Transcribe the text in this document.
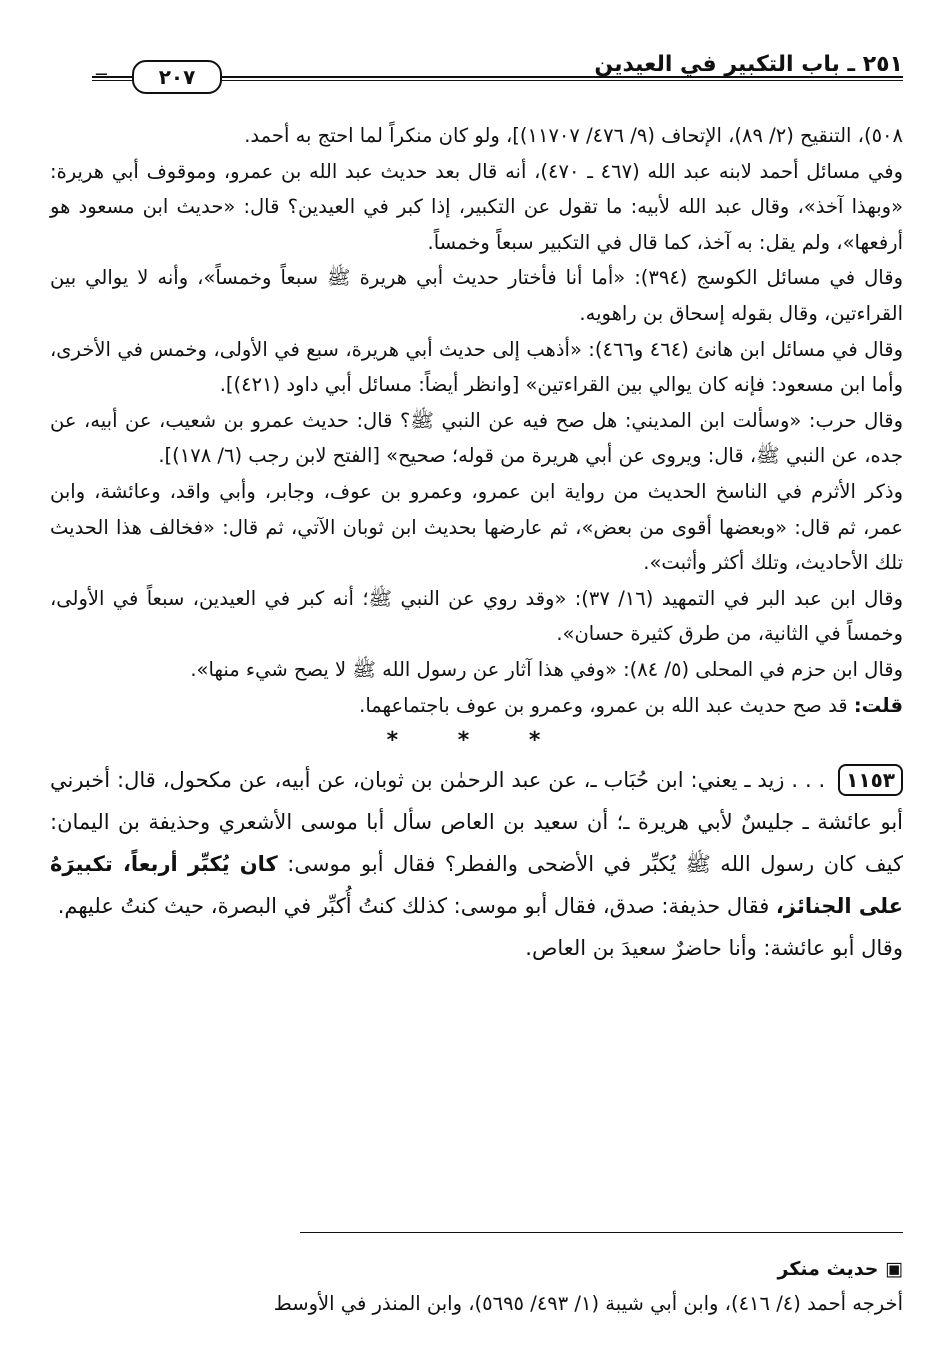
٢٥١ ـ باب التكبير في العيدين
═	٢٠٧

٥٠٨)، التنقيح (٢/ ٨٩)، الإتحاف (٩/ ٤٧٦/ ١١٧٠٧)]، ولو كان منكراً لما احتج به أحمد.

وفي مسائل أحمد لابنه عبد الله (٤٦٧ ـ ٤٧٠)، أنه قال بعد حديث عبد الله بن عمرو، وموقوف أبي هريرة: «وبهذا آخذ»، وقال عبد الله لأبيه: ما تقول عن التكبير، إذا كبر في العيدين؟ قال: «حديث ابن مسعود هو أرفعها»، ولم يقل: به آخذ، كما قال في التكبير سبعاً وخمساً.

وقال في مسائل الكوسج (٣٩٤): «أما أنا فأختار حديث أبي هريرة ﷺ سبعاً وخمساً»، وأنه لا يوالي بين القراءتين، وقال بقوله إسحاق بن راهويه.

وقال في مسائل ابن هانئ (٤٦٤ و٤٦٦): «أذهب إلى حديث أبي هريرة، سبع في الأولى، وخمس في الأخرى، وأما ابن مسعود: فإنه كان يوالي بين القراءتين» [وانظر أيضاً: مسائل أبي داود (٤٢١)].

وقال حرب: «وسألت ابن المديني: هل صح فيه عن النبي ﷺ؟ قال: حديث عمرو بن شعيب، عن أبيه، عن جده، عن النبي ﷺ، قال: ويروى عن أبي هريرة من قوله؛ صحيح» [الفتح لابن رجب (٦/ ١٧٨)].

وذكر الأثرم في الناسخ الحديث من رواية ابن عمرو، وعمرو بن عوف، وجابر، وأبي واقد، وعائشة، وابن عمر، ثم قال: «وبعضها أقوى من بعض»، ثم عارضها بحديث ابن ثوبان الآتي، ثم قال: «فخالف هذا الحديث تلك الأحاديث، وتلك أكثر وأثبت».

وقال ابن عبد البر في التمهيد (١٦/ ٣٧): «وقد روي عن النبي ﷺ؛ أنه كبر في العيدين، سبعاً في الأولى، وخمساً في الثانية، من طرق كثيرة حسان».

وقال ابن حزم في المحلى (٥/ ٨٤): «وفي هذا آثار عن رسول الله ﷺ لا يصح شيء منها».

قلت: قد صح حديث عبد الله بن عمرو، وعمرو بن عوف باجتماعهما.

* * *

١١٥٣ . . . زيد ـ يعني: ابن حُبَاب ـ، عن عبد الرحمٰن بن ثوبان، عن أبيه، عن مكحول، قال: أخبرني أبو عائشة ـ جليسٌ لأبي هريرة ـ؛ أن سعيد بن العاص سأل أبا موسى الأشعري وحذيفة بن اليمان: كيف كان رسول الله ﷺ يُكبِّر في الأضحى والفطر؟ فقال أبو موسى: كان يُكبِّر أربعاً، تكبيرَهُ على الجنائز، فقال حذيفة: صدق، فقال أبو موسى: كذلك كنتُ أُكبِّر في البصرة، حيث كنتُ عليهم.

وقال أبو عائشة: وأنا حاضرٌ سعيدَ بن العاص.

▣ حديث منكر
أخرجه أحمد (٤/ ٤١٦)، وابن أبي شيبة (١/ ٤٩٣/ ٥٦٩٥)، وابن المنذر في الأوسط
